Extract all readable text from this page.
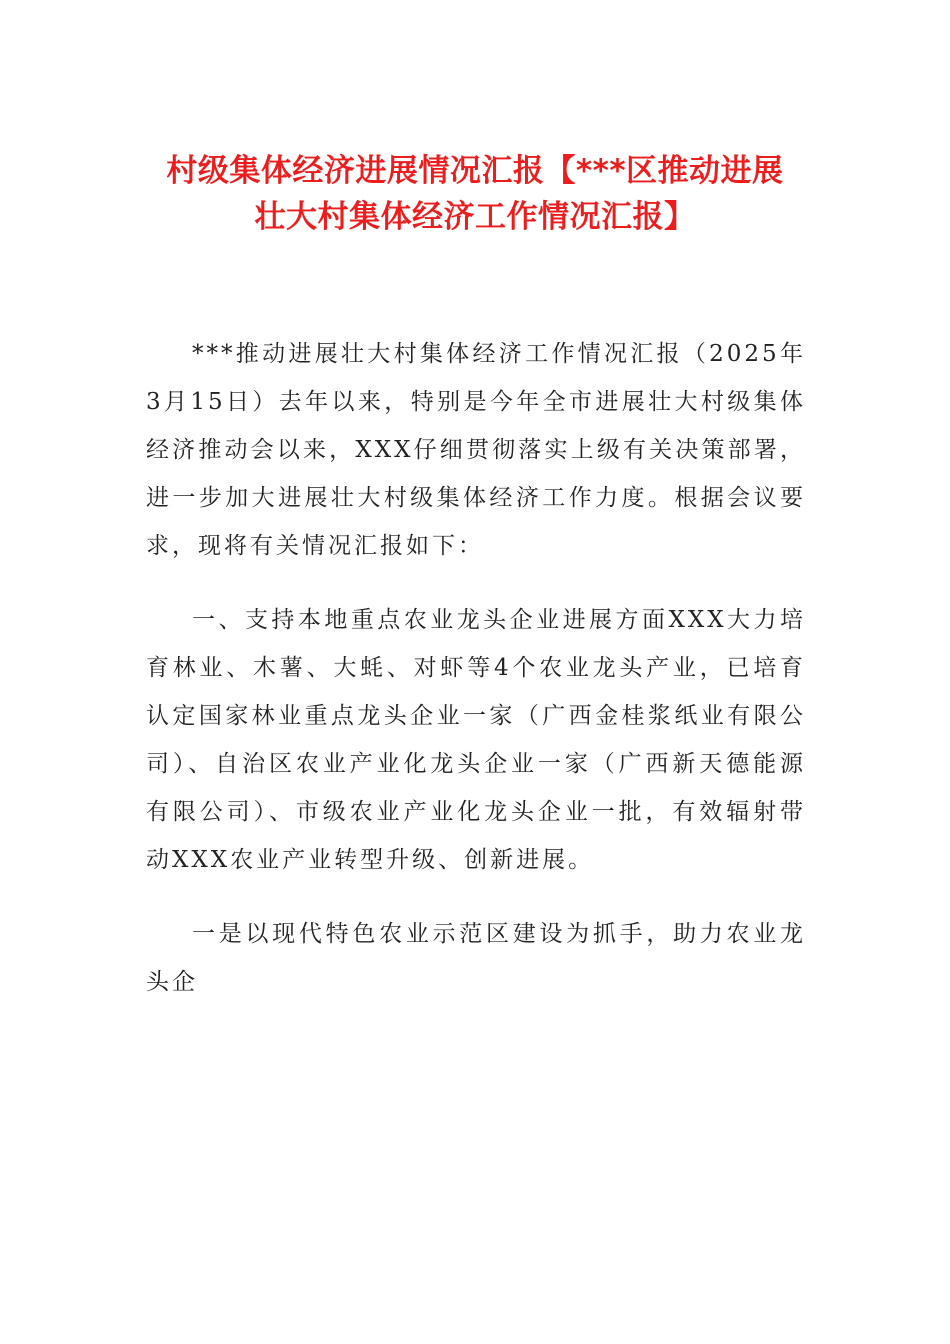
村级集体经济进展情况汇报【***区推动进展
壮大村集体经济工作情况汇报】

***推动进展壮大村集体经济工作情况汇报（2025年3月15日）去年以来，特别是今年全市进展壮大村级集体经济推动会以来，XXX仔细贯彻落实上级有关决策部署，进一步加大进展壮大村级集体经济工作力度。根据会议要求，现将有关情况汇报如下：

一、支持本地重点农业龙头企业进展方面XXX大力培育林业、木薯、大蚝、对虾等4个农业龙头产业，已培育认定国家林业重点龙头企业一家（广西金桂浆纸业有限公司）、自治区农业产业化龙头企业一家（广西新天德能源有限公司）、市级农业产业化龙头企业一批，有效辐射带动XXX农业产业转型升级、创新进展。

一是以现代特色农业示范区建设为抓手，助力农业龙头企
